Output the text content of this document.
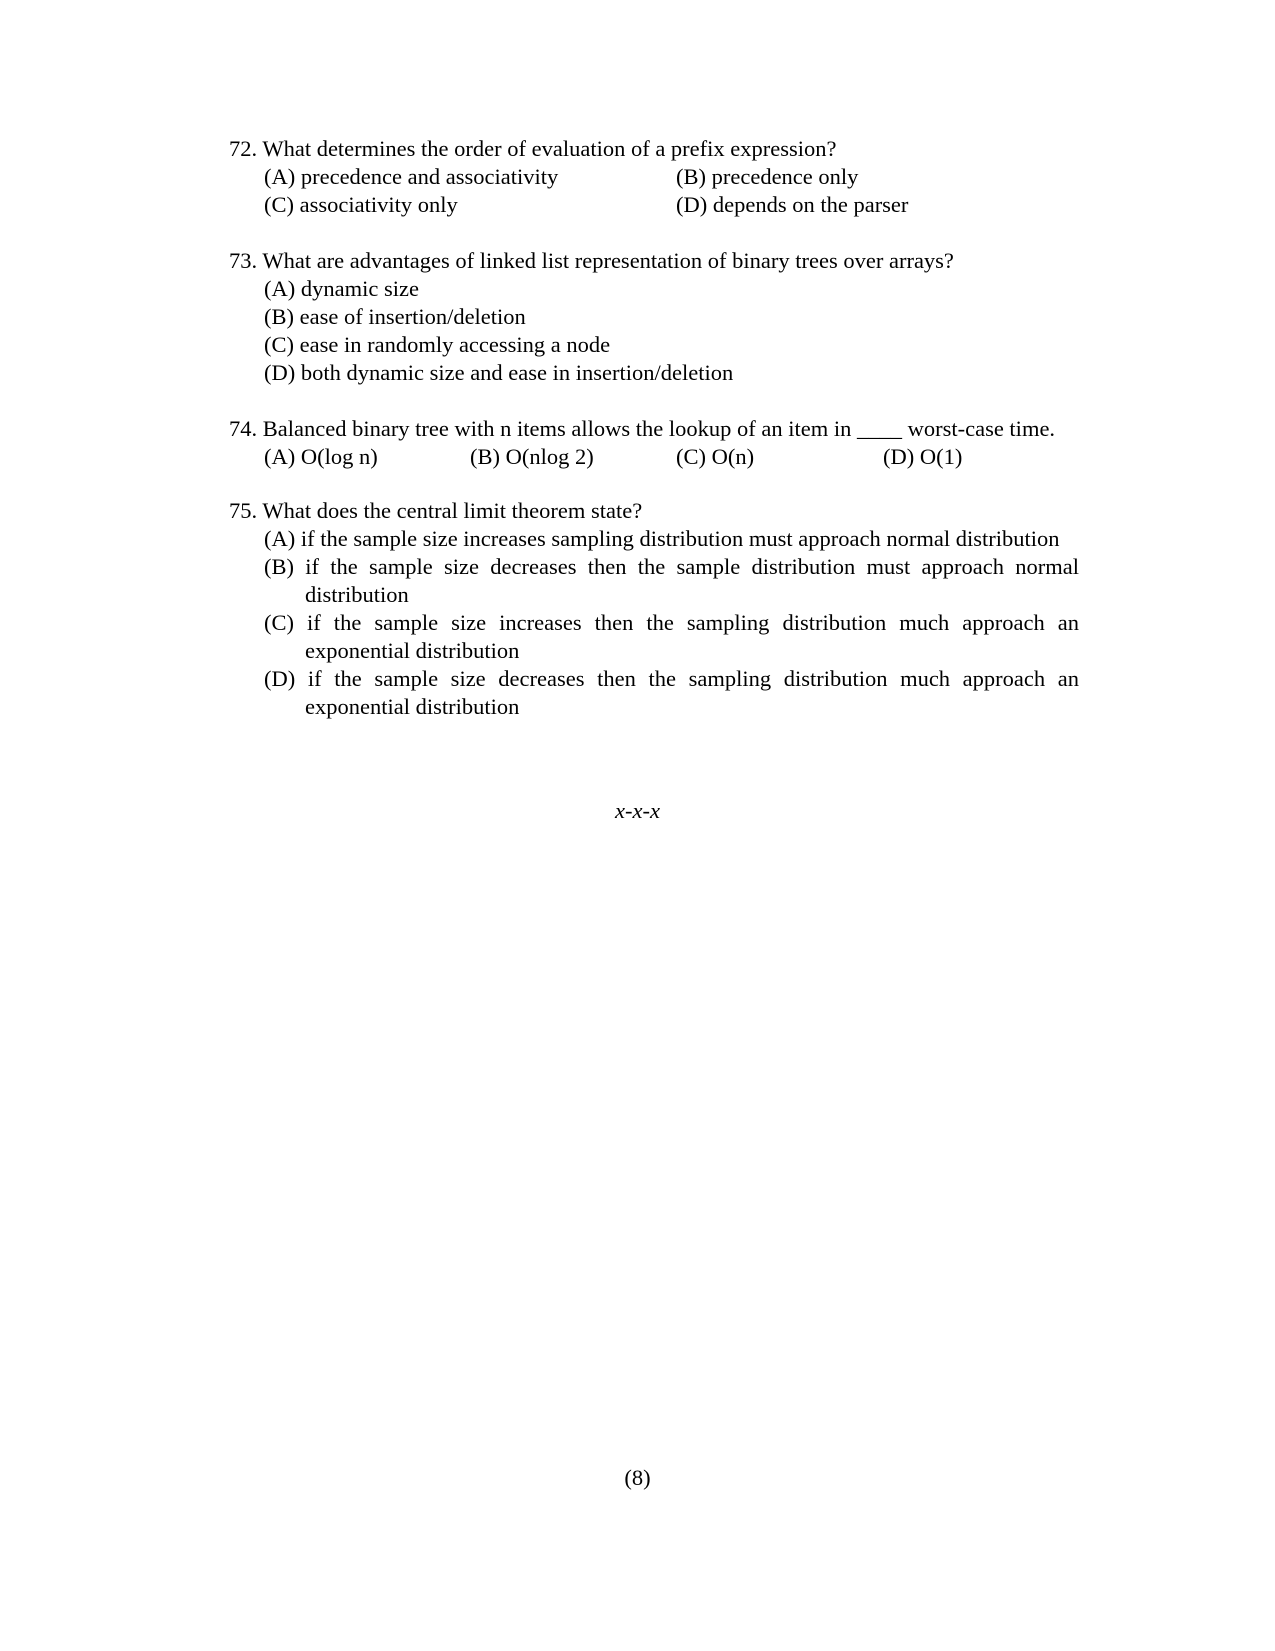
72. What determines the order of evaluation of a prefix expression?
(A) precedence and associativity	(B) precedence only
(C) associativity only	(D) depends on the parser
73. What are advantages of linked list representation of binary trees over arrays?
(A) dynamic size
(B) ease of insertion/deletion
(C) ease in randomly accessing a node
(D) both dynamic size and ease in insertion/deletion
74. Balanced binary tree with n items allows the lookup of an item in ____ worst-case time.
(A) O(log n)	(B) O(nlog 2)	(C) O(n)	(D) O(1)
75. What does the central limit theorem state?
(A) if the sample size increases sampling distribution must approach normal distribution
(B) if the sample size decreases then the sample distribution must approach normal distribution
(C) if the sample size increases then the sampling distribution much approach an exponential distribution
(D) if the sample size decreases then the sampling distribution much approach an exponential distribution
x-x-x
(8)
